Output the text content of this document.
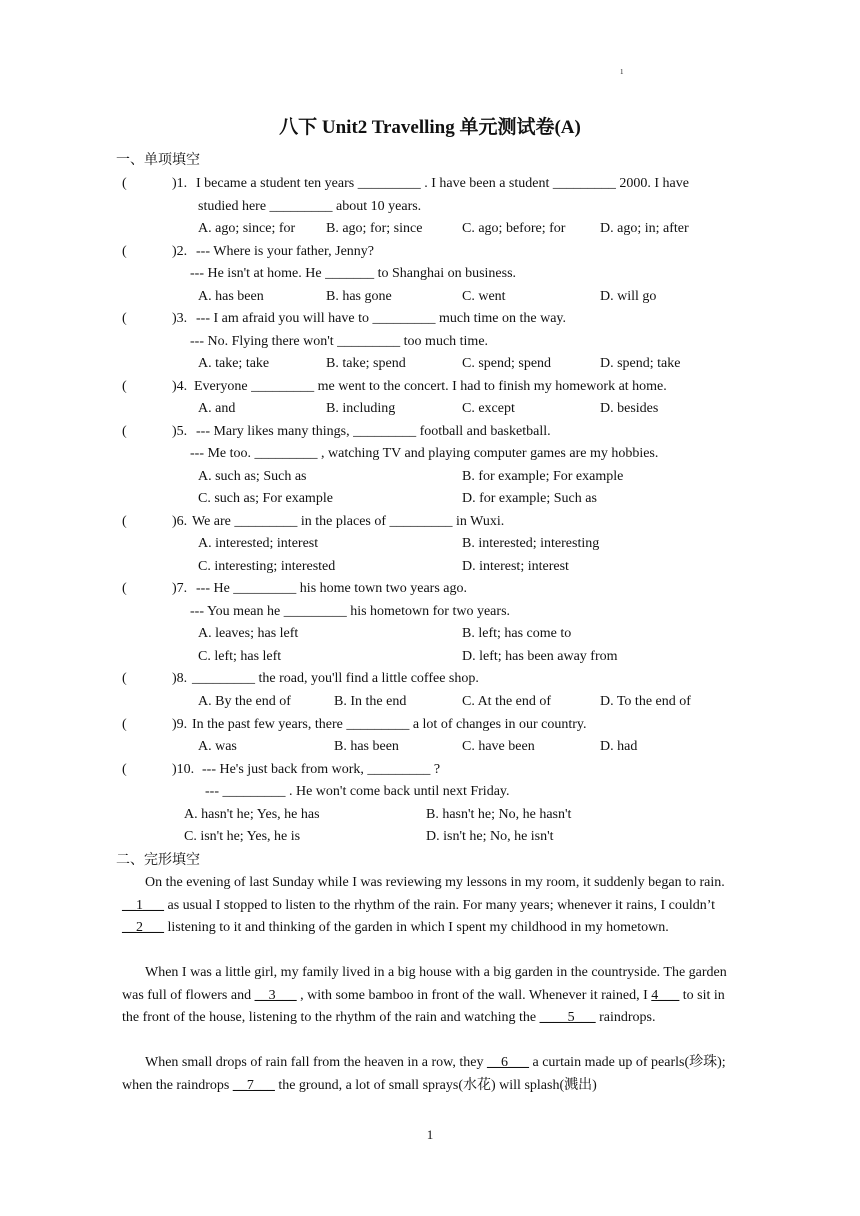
1
八下 Unit2 Travelling 单元测试卷(A)
一、单项填空
(	)1. I became a student ten years _________ . I have been a student _________ 2000. I have
studied here _________ about 10 years.
A. ago; since; for B. ago; for; since	C. ago; before; for D. ago; in; after
(	)2. --- Where is your father, Jenny?
--- He isn't at home. He _______ to Shanghai on business.
A. has been	B. has gone	C. went	D. will go
(	)3. --- I am afraid you will have to _________ much time on the way.
--- No. Flying there won't _________ too much time.
A. take; take	B. take; spend	C. spend; spend	D. spend; take
(	)4. Everyone _________ me went to the concert. I had to finish my homework at home.
A. and	B. including	C. except	D. besides
(	)5. --- Mary likes many things, _________ football and basketball.
--- Me too. _________ , watching TV and playing computer games are my hobbies.
A. such as; Such as	B. for example; For example
C. such as; For example	D. for example; Such as
(	)6. We are _________ in the places of _________ in Wuxi.
A. interested; interest	B. interested; interesting
C. interesting; interested	D. interest; interest
(	)7. --- He _________ his home town two years ago.
--- You mean he _________ his hometown for two years.
A. leaves; has left	B. left; has come to
C. left; has left	D. left; has been away from
(	)8. _________ the road, you'll find a little coffee shop.
A. By the end of	B. In the end	C. At the end of	D. To the end of
(	)9. In the past few years, there _________ a lot of changes in our country.
A. was	B. has been	C. have been	D. had
(	)10. --- He's just back from work, _________ ?
--- _________ . He won't come back until next Friday.
A. hasn't he; Yes, he has	B. hasn't he; No, he hasn't
C. isn't he; Yes, he is	D. isn't he; No, he isn't
二、完形填空
On the evening of last Sunday while I was reviewing my lessons in my room, it suddenly began to rain. __1___ as usual I stopped to listen to the rhythm of the rain. For many years; whenever it rains, I couldn’t __2___ listening to it and thinking of the garden in which I spent my childhood in my hometown.
When I was a little girl, my family lived in a big house with a big garden in the countryside. The garden was full of flowers and __3___ , with some bamboo in front of the wall. Whenever it rained, I 4___ to sit in the front of the house, listening to the rhythm of the rain and watching the ____5___ raindrops.
When small drops of rain fall from the heaven in a row, they __6___ a curtain made up of pearls(珍珠); when the raindrops __7___ the ground, a lot of small sprays(水花) will splash(溅出)
1
